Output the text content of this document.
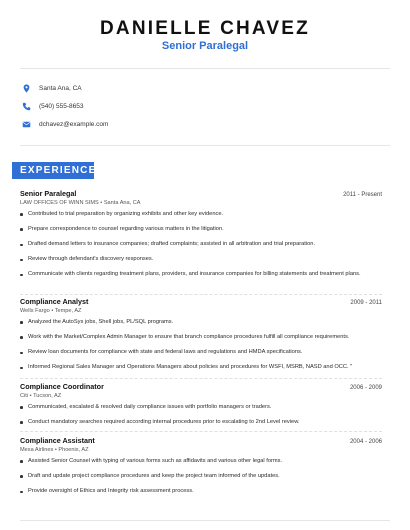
DANIELLE CHAVEZ
Senior Paralegal
Santa Ana, CA
(540) 555-8653
dchavez@example.com
EXPERIENCE
Senior Paralegal	2011 - Present
LAW OFFICES OF WINN SIMS • Santa Ana, CA
Contributed to trial preparation by organizing exhibits and other key evidence.
Prepare correspondence to counsel regarding various matters in the litigation.
Drafted demand letters to insurance companies; drafted complaints; assisted in all arbitration and trial preparation.
Review through defendant's discovery responses.
Communicate with clients regarding treatment plans, providers, and insurance companies for billing statements and treatment plans.
Compliance Analyst	2009 - 2011
Wells Fargo • Tempe, AZ
Analyzed the AutoSys jobs, Shell jobs, PL/SQL programs.
Work with the Market/Complex Admin Manager to ensure that branch compliance procedures fulfill all compliance requirements.
Review loan documents for compliance with state and federal laws and regulations and HMDA specifications.
Informed Regional Sales Manager and Operations Managers about policies and procedures for WSFI, MSRB, NASD and OCC. "
Compliance Coordinator	2006 - 2009
Citi • Tucson, AZ
Communicated, escalated & resolved daily compliance issues with portfolio managers or traders.
Conduct mandatory searches required according internal procedures prior to escalating to 2nd Level review.
Compliance Assistant	2004 - 2006
Mesa Airlines • Phoenix, AZ
Assisted Senior Counsel with typing of various forms such as affidavits and various other legal forms.
Draft and update project compliance procedures and keep the project team informed of the updates.
Provide oversight of Ethics and Integrity risk assessment process.
